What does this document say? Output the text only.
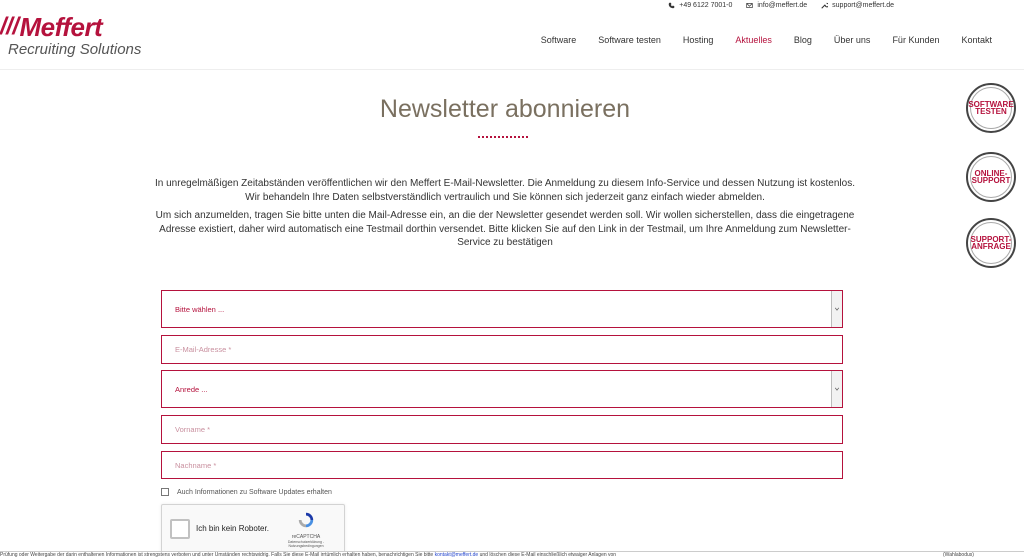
+49 6122 7001-0	info@meffert.de	support@meffert.de
/// Meffert
Recruiting Solutions
Software Software testen Hosting Aktuelles Blog Über uns Für Kunden Kontakt
Newsletter abonnieren

In unregelmäßigen Zeitabständen veröffentlichen wir den Meffert E-Mail-Newsletter. Die Anmeldung zu diesem Info-Service und dessen Nutzung ist kostenlos. Wir behandeln Ihre Daten selbstverständlich vertraulich und Sie können sich jederzeit ganz einfach wieder abmelden.

Um sich anzumelden, tragen Sie bitte unten die Mail-Adresse ein, an die der Newsletter gesendet werden soll. Wir wollen sicherstellen, dass die eingetragene Adresse existiert, daher wird automatisch eine Testmail dorthin versendet. Bitte klicken Sie auf den Link in der Testmail, um Ihre Anmeldung zum Newsletter-Service zu bestätigen

Bitte wählen ...
E-Mail-Adresse *
Anrede ...
Vorname *
Nachname *
Auch Informationen zu Software Updates erhalten
Ich bin kein Roboter.
reCAPTCHA
Datenschutzerklärung - Nutzungsbedingungen
SOFTWARE
TESTEN
ONLINE-
SUPPORT
SUPPORT-
ANFRAGE
Prüfung oder Weitergabe der darin enthaltenen Informationen ist strengstens verboten und unter Umständen rechtswidrig. Falls Sie diese E-Mail irrtümlich erhalten haben, benachrichtigen Sie bitte kontakt@meffert.de und löschen diese E-Mail einschließlich etwaiger Anlagen von	(Wahlabodus)
